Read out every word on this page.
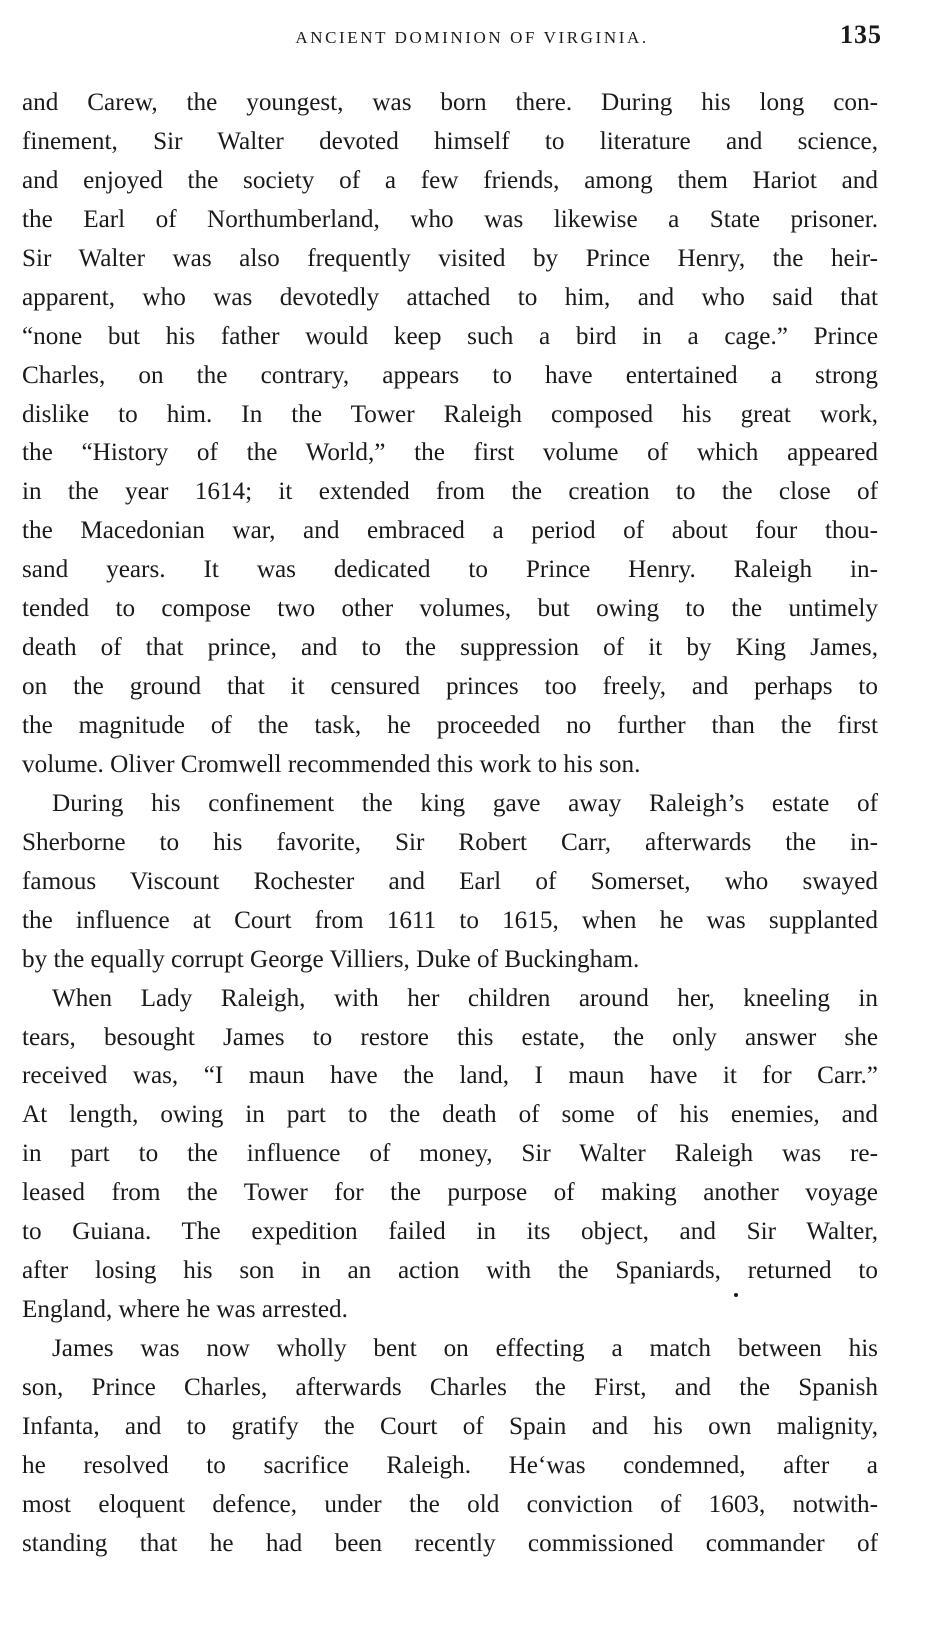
ANCIENT DOMINION OF VIRGINIA.	135
and Carew, the youngest, was born there. During his long con-
finement, Sir Walter devoted himself to literature and science,
and enjoyed the society of a few friends, among them Hariot and
the Earl of Northumberland, who was likewise a State prisoner.
Sir Walter was also frequently visited by Prince Henry, the heir-
apparent, who was devotedly attached to him, and who said that
“none but his father would keep such a bird in a cage.” Prince
Charles, on the contrary, appears to have entertained a strong
dislike to him. In the Tower Raleigh composed his great work,
the “History of the World,” the first volume of which appeared
in the year 1614; it extended from the creation to the close of
the Macedonian war, and embraced a period of about four thou-
sand years. It was dedicated to Prince Henry. Raleigh in-
tended to compose two other volumes, but owing to the untimely
death of that prince, and to the suppression of it by King James,
on the ground that it censured princes too freely, and perhaps to
the magnitude of the task, he proceeded no further than the first
volume. Oliver Cromwell recommended this work to his son.
During his confinement the king gave away Raleigh’s estate of
Sherborne to his favorite, Sir Robert Carr, afterwards the in-
famous Viscount Rochester and Earl of Somerset, who swayed
the influence at Court from 1611 to 1615, when he was supplanted
by the equally corrupt George Villiers, Duke of Buckingham.
When Lady Raleigh, with her children around her, kneeling in
tears, besought James to restore this estate, the only answer she
received was, “I maun have the land, I maun have it for Carr.”
At length, owing in part to the death of some of his enemies, and
in part to the influence of money, Sir Walter Raleigh was re-
leased from the Tower for the purpose of making another voyage
to Guiana. The expedition failed in its object, and Sir Walter,
after losing his son in an action with the Spaniards, returned to
England, where he was arrested.
James was now wholly bent on effecting a match between his
son, Prince Charles, afterwards Charles the First, and the Spanish
Infanta, and to gratify the Court of Spain and his own malignity,
he resolved to sacrifice Raleigh. He‘was condemned, after a
most eloquent defence, under the old conviction of 1603, notwith-
standing that he had been recently commissioned commander of
